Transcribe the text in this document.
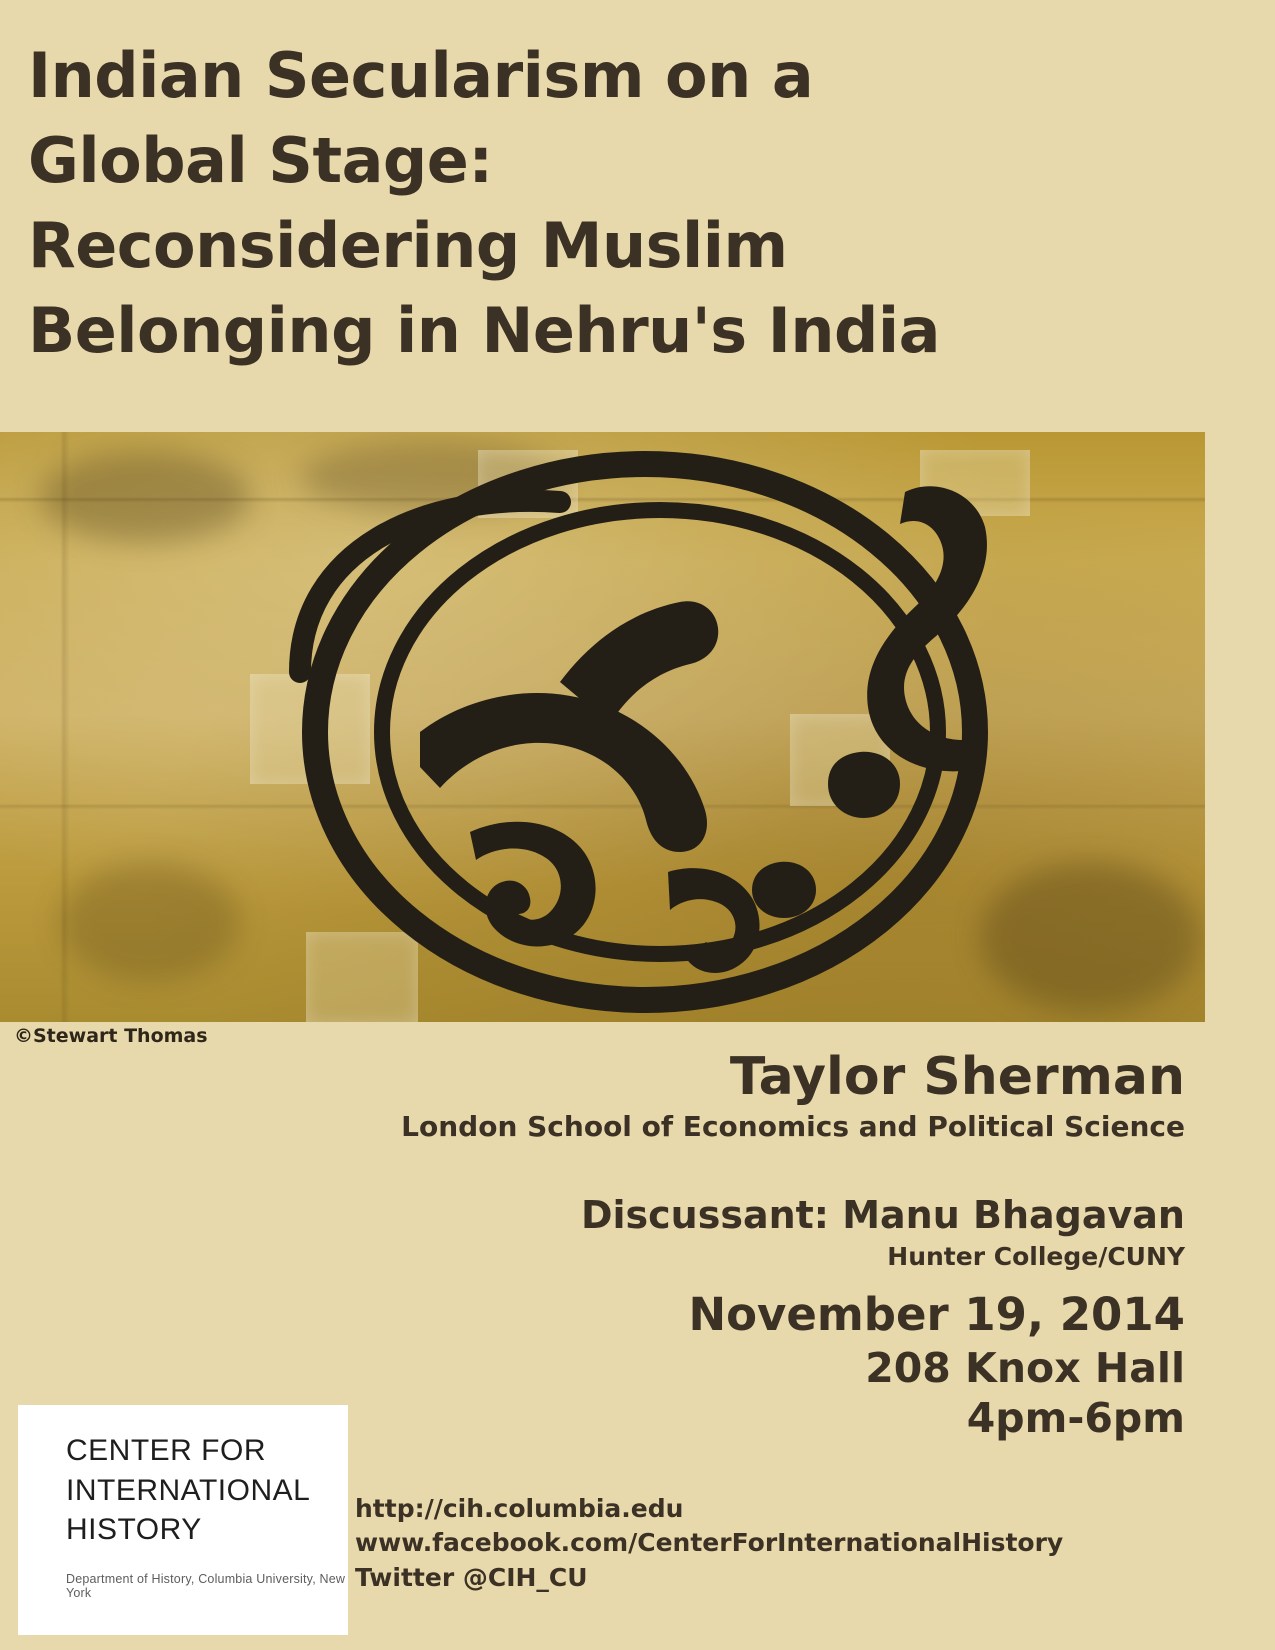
Indian Secularism on a
Global Stage:
Reconsidering Muslim
Belonging in Nehru's India
©Stewart Thomas
Taylor Sherman
London School of Economics and Political Science
Discussant: Manu Bhagavan
Hunter College/CUNY
November 19, 2014
208 Knox Hall
4pm-6pm
CENTER FOR
INTERNATIONAL
HISTORY
Department of History, Columbia University, New York
http://cih.columbia.edu
www.facebook.com/CenterForInternationalHistory
Twitter @CIH_CU
